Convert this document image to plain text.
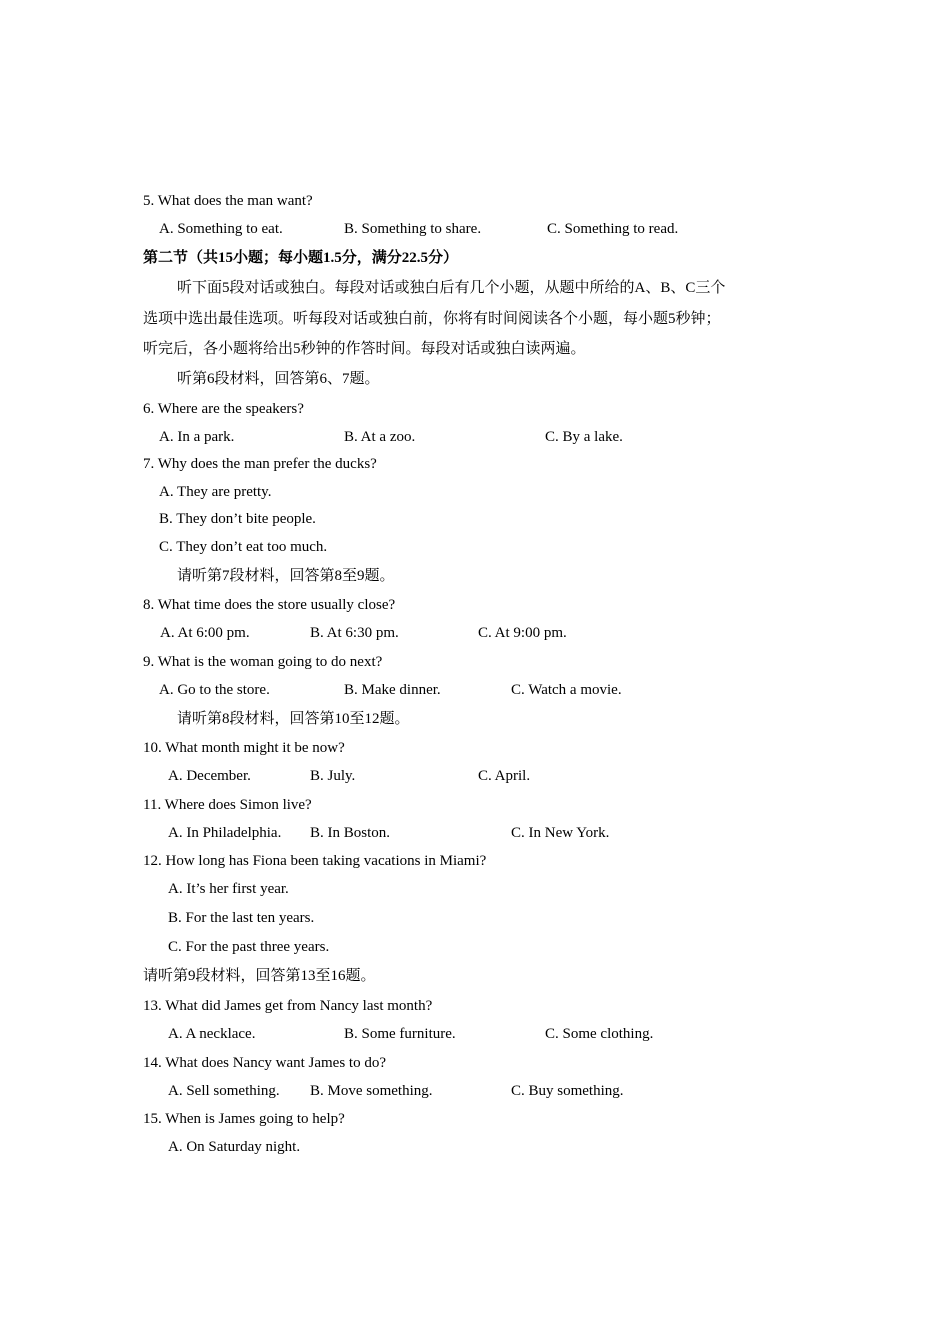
5. What does the man want?
A. Something to eat.	B. Something to share.	C. Something to read.
第二节（共15小题；每小题1.5分，满分22.5分）
听下面5段对话或独白。每段对话或独白后有几个小题，从题中所给的A、B、C三个
选项中选出最佳选项。听每段对话或独白前，你将有时间阅读各个小题，每小题5秒钟；
听完后，各小题将给出5秒钟的作答时间。每段对话或独白读两遍。
听第6段材料，回答第6、7题。
6. Where are the speakers?
A. In a park.	B. At a zoo.	C. By a lake.
7. Why does the man prefer the ducks?
A. They are pretty.
B. They don’t bite people.
C. They don’t eat too much.
请听第7段材料，回答第8至9题。
8. What time does the store usually close?
A. At 6:00 pm.	B. At 6:30 pm.	C. At 9:00 pm.
9. What is the woman going to do next?
A. Go to the store.	B. Make dinner.	C. Watch a movie.
请听第8段材料，回答第10至12题。
10. What month might it be now?
A. December.	B. July.	C. April.
11. Where does Simon live?
A. In Philadelphia. B. In Boston.	C. In New York.
12. How long has Fiona been taking vacations in Miami?
A. It’s her first year.
B. For the last ten years.
C. For the past three years.
请听第9段材料，回答第13至16题。
13. What did James get from Nancy last month?
A. A necklace.	B. Some furniture.	C. Some clothing.
14. What does Nancy want James to do?
A. Sell something. B. Move something.	C. Buy something.
15. When is James going to help?
A. On Saturday night.
